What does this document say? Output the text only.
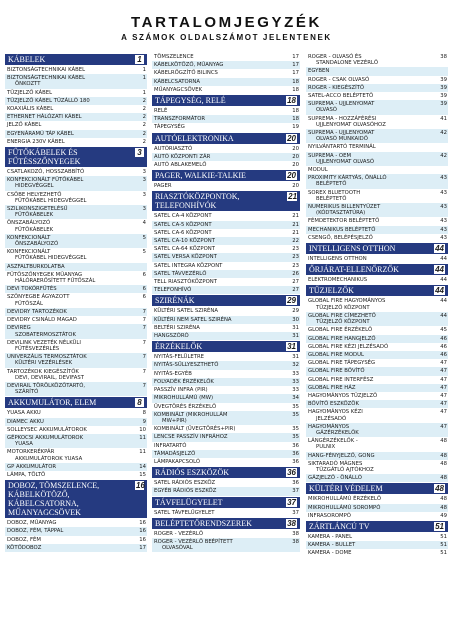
TARTALOMJEGYZÉK
A SZÁMOK OLDALSZÁMOT JELENTENEK
KÁBELEK	1
BIZTONSÁGTECHNIKAI KÁBEL	1
BIZTONSÁGTECHNIKAI KÁBEL
ÖNKOZTT
1
TŰZJELZŐ KÁBEL	1
TŰZJELZŐ KÁBEL TŰZÁLLÓ 180	2
KOAXIÁLIS KÁBEL	2
ETHERNET HÁLÓZATI KÁBEL	2
JELZŐ KÁBEL	2
EGYENÁRAMÚ TÁP KÁBEL	2
ENERGIA 230V KÁBEL	2
FŰTŐKÁBELEK ÉS FŰTÉSSZŐNYEGEK
3
CSATLAKOZÓ, HOSSZABBÍTÓ	3
KONFEKCIONÁLT FŰTŐKÁBEL
HIDEGVÉGGEL
3
CSŐBE HELYEZHETŐ
FŰTŐKÁBEL HIDEGVÉGGEL
3
SZILIKONSZIGETELÉSŰ
FŰTŐKÁBELEK
3
ÖNSZABÁLYOZÓ
FŰTŐKÁBELEK
4
KONFEKCIONÁLT
ÖNSZABÁLYOZÓ
5
KONFEKCIONÁLT
FŰTŐKÁBEL HIDEGVÉGGEL
5
ASZFALTBURKOLATBA
FŰTŐSZŐNYEGEK MŰANYAG
HÁLÓRAERŐSÍTETT FŰTŐSZÁL
6
DEVI TOKÓRFÜTÉS	6
SZŐNYEGBE ÁGYAZOTT
FŰTŐSZÁL
6
DEVIDRY TARTOZÉKOK	7
DEVIDRY CSINÁLD MAGAD	7
DEVIREG
SZOBATERMOSZTÁTOK
7
DEVILINK VEZETÉK NÉLKÜLI
FŰTÉSVEZÉRLÉS
7
UNIVERZÁLIS TERMOSZTÁTOK
KÜLTÉRI VEZÉRLÉSEK
7
TARTOZÉKOK KIEGÉSZÍTŐK
DEVI, DEVIRAIL, DEVIFAST
7
DEVIRAIL TÖRÖLKÖZŐTARTÓ,
SZÁRÍTÓ
7
AKKUMULÁTOR, ELEM	8
YUASA AKKU	8
DIAMEC AKKU	9
SOLLEYSEC AKKUMULÁTOROK	10
GÉPKOCSI AKKUMULÁTOROK
YUASA
11
MOTORKERÉKPÁR
AKKUMULÁTOROK YUASA
11
GP AKKUMULÁTOR	14
LÁMPA, TÖLTŐ	15
DOBOZ, TÖMSZELENCE, KÁBELKÖTÖZŐ, KÁBELCSATORNA, MŰANYAGCSÖVEK
16
DOBOZ, MŰANYAG	16
DOBOZ, FÉM, TÁPPAL	16
DOBOZ, FÉM	16
KÖTŐDOBOZ	17
TÖMSZELENCE	17
KÁBELKÖTÖZŐ, MŰANYAG	17
KÁBELRÖGZÍTŐ BILINCS	17
KÁBELCSATORNA	18
MŰANYAGCSÖVEK	18
TÁPEGYSÉG, RELÉ	18
RELÉ	18
TRANSZFORMÁTOR	18
TÁPEGYSÉG	19
AUTÓELEKTRONIKA	20
AUTÓRIASZTÓ	20
AUTÓ KÖZPONTI ZÁR	20
AUTÓ ABLAKEMELŐ	20
PAGER, WALKIE-TALKIE	20
PAGER	20
RIASZTÓKÖZPONTOK, TELEFONHÍVÓK
21
SATEL CA-4 KÖZPONT	21
SATEL CA-5 KÖZPONT	21
SATEL CA-6 KÖZPONT	21
SATEL CA-10 KÖZPONT	22
SATEL CA-64 KÖZPONT	23
SATEL VERSA KÖZPONT	23
SATEL INTEGRA KÖZPONT	23
SATEL TÁVVEZÉRLŐ	26
TELL RIASZTÓKÖZPONT	27
TELEFONHÍVÓ	27
SZIRÉNÁK	29
KÜLTÉRI SATEL SZIRÉNA	29
KÜLTÉRI NEM SATEL SZIRÉNA	30
BELTÉRI SZIRÉNA	31
HANGSZÓRÓ	31
ÉRZÉKELŐK	31
NYITÁS-FELÜLETRE	31
NYITÁS-SÜLLYESZTHETŐ	32
NYITÁS-EGYÉB	33
FOLYADÉK ÉRZÉKELŐK	33
PASSZÍV INFRA (PIR)	33
MIKROHULLÁMÚ (MW)	34
ÜVEGTÖRÉS ÉRZÉKELŐ	35
KOMBINÁLT (MIKROHULLÁM
MW+PIR)
35
KOMBINÁLT (ÜVEGTÖRÉS+PIR)	35
LENCSE PASSZÍV INFRÁHOZ	35
INFRATARTÓ	36
TÁMADÁSJELZŐ	36
LÁMPAKAPCSOLÓ	36
RÁDIÓS ESZKÖZÖK	36
SATEL RÁDIÓS ESZKÖZ	36
EGYÉB RÁDIÓS ESZKÖZ	37
TÁVFELÜGYELET	37
SATEL TÁVFELÜGYELET	37
BELÉPTETŐRENDSZEREK	38
ROGER - VEZÉRLŐ	38
ROGER - VEZÉRLŐ BEÉPÍTETT
OLVASÓVAL
38
ROGER - OLVASÓ ÉS
STANDALONE VEZÉRLŐ
38
EGYBEN
ROGER - CSAK OLVASÓ	39
ROGER - KIEGÉSZÍTŐ	39
SATEL-ACCO BELÉPTETŐ	39
SUPREMA - UJJLENYOMAT
OLVASÓ
39
SUPREMA - HOZZÁFÉRÉSI
UJJLENYOMAT OLVASÓHOZ
41
SUPREMA - UJJLENYOMAT
OLVASÓ MUNKAIDŐ
42
NYILVÁNTARTÓ TERMINÁL
SUPREMA - OEM
UJJLENYOMAT OLVASÓ
42
MODUL
PROXIMITY KÁRTYÁS, ÖNÁLLÓ
BELÉPTETŐ
43
SOREX BLUETOOTH
BELÉPTETŐ
43
NUMERIKUS BILLENTYŰZET
(KÓDTASZTATÚRA)
43
FÉMDETEKTOR BELÉPTETŐ	43
MECHANIKUS BELÉPTETŐ	43
CSENGŐ, BELÉPÉSJELZŐ	43
INTELLIGENS OTTHON	44
INTELLIGENS OTTHON	44
ŐRJÁRAT-ELLENŐRZŐK	44
ELEKTROMECHANIKUS	44
TŰZJELZŐK	44
GLOBAL FIRE HAGYOMÁNYOS
TŰZJELZŐ KÖZPONT
44
GLOBAL FIRE CÍMEZHETŐ
TŰZJELZŐ KÖZPONT
44
GLOBAL FIRE ÉRZÉKELŐ	45
GLOBAL FIRE HANGJELZŐ	46
GLOBAL FIRE KÉZI JELZÉSADÓ	46
GLOBAL FIRE MODUL	46
GLOBAL FIRE TÁPEGYSÉG	47
GLOBAL FIRE BŐVÍTŐ	47
GLOBAL FIRE INTERFÉSZ	47
GLOBAL FIRE HÁZ	47
HAGYOMÁNYOS TŰZJELZŐ	47
BŐVÍTŐ ESZKÖZÖK	47
HAGYOMÁNYOS KÉZI
JELZÉSADÓ
47
HAGYOMÁNYOS
GÁZÉRZÉKELŐK
47
LÁNGÉRZÉKELŐK -
PULNIX
48
HANG-FÉNYJELZŐ, GONG	48
SIKTARADÓ MÁGNES
TŰZGÁTLÓ AJTÓKHOZ
48
GÁZJELZŐ - ÖNÁLLÓ	48
KÜLTÉRI VÉDELEM	48
MIKROHULLÁMÚ ÉRZÉKELŐ	48
MIKROHULLÁMÚ SOROMPÓ	48
INFRASOROMPÓ	49
ZÁRTLÁNCÚ TV	51
KAMERA - PANEL	51
KAMERA - BULLET	51
KAMERA - DOME	51
